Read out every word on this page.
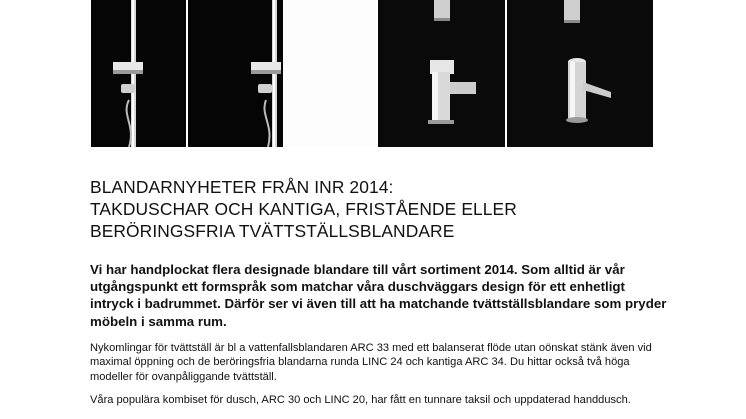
BLANDARNYHETER FRÅN INR 2014:
TAKDUSCHAR OCH KANTIGA, FRISTÅENDE ELLER
BERÖRINGSFRIA TVÄTTSTÄLLSBLANDARE

Vi har handplockat flera designade blandare till vårt sortiment 2014. Som alltid är vår utgångspunkt ett formspråk som matchar våra duschväggars design för ett enhetligt intryck i badrummet. Därför ser vi även till att ha matchande tvättställsblandare som pryder möbeln i samma rum.

Nykomlingar för tvättställ är bl a vattenfallsblandaren ARC 33 med ett balanserat flöde utan oönskat stänk även vid maximal öppning och de beröringsfria blandarna runda LINC 24 och kantiga ARC 34. Du hittar också två höga modeller för ovanpåliggande tvättställ.

Våra populära kombiset för dusch, ARC 30 och LINC 20, har fått en tunnare taksil och uppdaterad handdusch.
